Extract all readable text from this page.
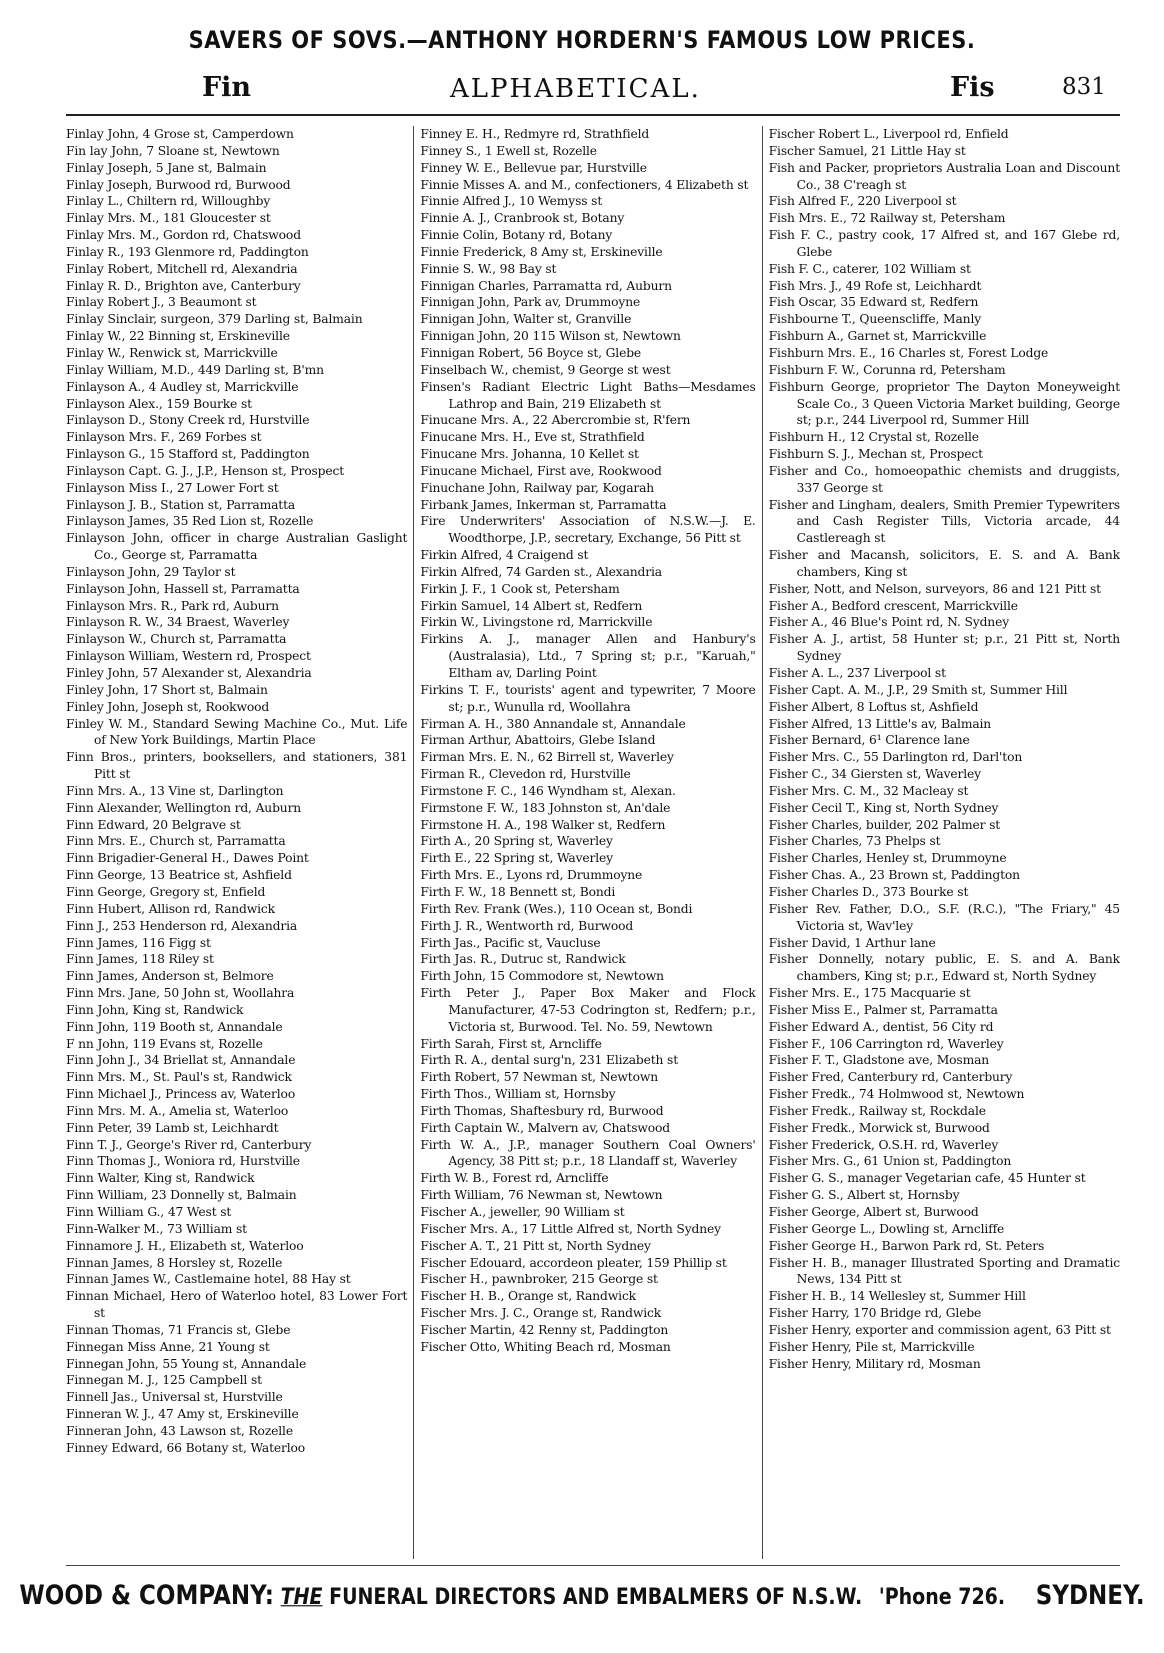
SAVERS OF SOVS.—ANTHONY HORDERN'S FAMOUS LOW PRICES.
Fin	ALPHABETICAL.	Fis	831
Finlay John, 4 Grose st, Camperdown
Fin lay John, 7 Sloane st, Newtown
Finlay Joseph, 5 Jane st, Balmain
Finlay Joseph, Burwood rd, Burwood
Finlay L., Chiltern rd, Willoughby
Finlay Mrs. M., 181 Gloucester st
Finlay Mrs. M., Gordon rd, Chatswood
Finlay R., 193 Glenmore rd, Paddington
Finlay Robert, Mitchell rd, Alexandria
Finlay R. D., Brighton ave, Canterbury
Finlay Robert J., 3 Beaumont st
Finlay Sinclair, surgeon, 379 Darling st, Balmain
Finlay W., 22 Binning st, Erskineville
Finlay W., Renwick st, Marrickville
Finlay William, M.D., 449 Darling st, B'mn
Finlayson A., 4 Audley st, Marrickville
Finlayson Alex., 159 Bourke st
Finlayson D., Stony Creek rd, Hurstville
Finlayson Mrs. F., 269 Forbes st
Finlayson G., 15 Stafford st, Paddington
Finlayson Capt. G. J., J.P., Henson st, Prospect
Finlayson Miss I., 27 Lower Fort st
Finlayson J. B., Station st, Parramatta
Finlayson James, 35 Red Lion st, Rozelle
Finlayson John, officer in charge Australian Gaslight Co., George st, Parramatta
Finlayson John, 29 Taylor st
Finlayson John, Hassell st, Parramatta
Finlayson Mrs. R., Park rd, Auburn
Finlayson R. W., 34 Braest, Waverley
Finlayson W., Church st, Parramatta
Finlayson William, Western rd, Prospect
Finley John, 57 Alexander st, Alexandria
Finley John, 17 Short st, Balmain
Finley John, Joseph st, Rookwood
Finley W. M., Standard Sewing Machine Co., Mut. Life of New York Buildings, Martin Place
Finn Bros., printers, booksellers, and stationers, 381 Pitt st
Finn Mrs. A., 13 Vine st, Darlington
Finn Alexander, Wellington rd, Auburn
Finn Edward, 20 Belgrave st
Finn Mrs. E., Church st, Parramatta
Finn Brigadier-General H., Dawes Point
Finn George, 13 Beatrice st, Ashfield
Finn George, Gregory st, Enfield
Finn Hubert, Allison rd, Randwick
Finn J., 253 Henderson rd, Alexandria
Finn James, 116 Figg st
Finn James, 118 Riley st
Finn James, Anderson st, Belmore
Finn Mrs. Jane, 50 John st, Woollahra
Finn John, King st, Randwick
Finn John, 119 Booth st, Annandale
F nn John, 119 Evans st, Rozelle
Finn John J., 34 Briellat st, Annandale
Finn Mrs. M., St. Paul's st, Randwick
Finn Michael J., Princess av, Waterloo
Finn Mrs. M. A., Amelia st, Waterloo
Finn Peter, 39 Lamb st, Leichhardt
Finn T. J., George's River rd, Canterbury
Finn Thomas J., Woniora rd, Hurstville
Finn Walter, King st, Randwick
Finn William, 23 Donnelly st, Balmain
Finn William G., 47 West st
Finn-Walker M., 73 William st
Finnamore J. H., Elizabeth st, Waterloo
Finnan James, 8 Horsley st, Rozelle
Finnan James W., Castlemaine hotel, 88 Hay st
Finnan Michael, Hero of Waterloo hotel, 83 Lower Fort st
Finnan Thomas, 71 Francis st, Glebe
Finnegan Miss Anne, 21 Young st
Finnegan John, 55 Young st, Annandale
Finnegan M. J., 125 Campbell st
Finnell Jas., Universal st, Hurstville
Finneran W. J., 47 Amy st, Erskineville
Finneran John, 43 Lawson st, Rozelle
Finney Edward, 66 Botany st, Waterloo
Finney E. H., Redmyre rd, Strathfield
Finney S., 1 Ewell st, Rozelle
Finney W. E., Bellevue par, Hurstville
Finnie Misses A. and M., confectioners, 4 Elizabeth st
Finnie Alfred J., 10 Wemyss st
Finnie A. J., Cranbrook st, Botany
Finnie Colin, Botany rd, Botany
Finnie Frederick, 8 Amy st, Erskineville
Finnie S. W., 98 Bay st
Finnigan Charles, Parramatta rd, Auburn
Finnigan John, Park av, Drummoyne
Finnigan John, Walter st, Granville
Finnigan John, 20 115 Wilson st, Newtown
Finnigan Robert, 56 Boyce st, Glebe
Finselbach W., chemist, 9 George st west
Finsen's Radiant Electric Light Baths—Mesdames Lathrop and Bain, 219 Elizabeth st
Finucane Mrs. A., 22 Abercrombie st, R'fern
Finucane Mrs. H., Eve st, Strathfield
Finucane Mrs. Johanna, 10 Kellet st
Finucane Michael, First ave, Rookwood
Finuchane John, Railway par, Kogarah
Firbank James, Inkerman st, Parramatta
Fire Underwriters' Association of N.S.W.—J. E. Woodthorpe, J.P., secretary, Exchange, 56 Pitt st
Firkin Alfred, 4 Craigend st
Firkin Alfred, 74 Garden st., Alexandria
Firkin J. F., 1 Cook st, Petersham
Firkin Samuel, 14 Albert st, Redfern
Firkin W., Livingstone rd, Marrickville
Firkins A. J., manager Allen and Hanbury's (Australasia), Ltd., 7 Spring st; p.r., "Karuah," Eltham av, Darling Point
Firkins T. F., tourists' agent and typewriter, 7 Moore st; p.r., Wunulla rd, Woollahra
Firman A. H., 380 Annandale st, Annandale
Firman Arthur, Abattoirs, Glebe Island
Firman Mrs. E. N., 62 Birrell st, Waverley
Firman R., Clevedon rd, Hurstville
Firmstone F. C., 146 Wyndham st, Alexan.
Firmstone F. W., 183 Johnston st, An'dale
Firmstone H. A., 198 Walker st, Redfern
Firth A., 20 Spring st, Waverley
Firth E., 22 Spring st, Waverley
Firth Mrs. E., Lyons rd, Drummoyne
Firth F. W., 18 Bennett st, Bondi
Firth Rev. Frank (Wes.), 110 Ocean st, Bondi
Firth J. R., Wentworth rd, Burwood
Firth Jas., Pacific st, Vaucluse
Firth Jas. R., Dutruc st, Randwick
Firth John, 15 Commodore st, Newtown
Firth Peter J., Paper Box Maker and Flock Manufacturer, 47-53 Codrington st, Redfern; p.r., Victoria st, Burwood. Tel. No. 59, Newtown
Firth Sarah, First st, Arncliffe
Firth R. A., dental surg'n, 231 Elizabeth st
Firth Robert, 57 Newman st, Newtown
Firth Thos., William st, Hornsby
Firth Thomas, Shaftesbury rd, Burwood
Firth Captain W., Malvern av, Chatswood
Firth W. A., J.P., manager Southern Coal Owners' Agency, 38 Pitt st; p.r., 18 Llandaff st, Waverley
Firth W. B., Forest rd, Arncliffe
Firth William, 76 Newman st, Newtown
Fischer A., jeweller, 90 William st
Fischer Mrs. A., 17 Little Alfred st, North Sydney
Fischer A. T., 21 Pitt st, North Sydney
Fischer Edouard, accordeon pleater, 159 Phillip st
Fischer H., pawnbroker, 215 George st
Fischer H. B., Orange st, Randwick
Fischer Mrs. J. C., Orange st, Randwick
Fischer Martin, 42 Renny st, Paddington
Fischer Otto, Whiting Beach rd, Mosman
Fischer Robert L., Liverpool rd, Enfield
Fischer Samuel, 21 Little Hay st
Fish and Packer, proprietors Australia Loan and Discount Co., 38 C'reagh st
Fish Alfred F., 220 Liverpool st
Fish Mrs. E., 72 Railway st, Petersham
Fish F. C., pastry cook, 17 Alfred st, and 167 Glebe rd, Glebe
Fish F. C., caterer, 102 William st
Fish Mrs. J., 49 Rofe st, Leichhardt
Fish Oscar, 35 Edward st, Redfern
Fishbourne T., Queenscliffe, Manly
Fishburn A., Garnet st, Marrickville
Fishburn Mrs. E., 16 Charles st, Forest Lodge
Fishburn F. W., Corunna rd, Petersham
Fishburn George, proprietor The Dayton Moneyweight Scale Co., 3 Queen Victoria Market building, George st; p.r., 244 Liverpool rd, Summer Hill
Fishburn H., 12 Crystal st, Rozelle
Fishburn S. J., Mechan st, Prospect
Fisher and Co., homoeopathic chemists and druggists, 337 George st
Fisher and Lingham, dealers, Smith Premier Typewriters and Cash Register Tills, Victoria arcade, 44 Castlereagh st
Fisher and Macansh, solicitors, E. S. and A. Bank chambers, King st
Fisher, Nott, and Nelson, surveyors, 86 and 121 Pitt st
Fisher A., Bedford crescent, Marrickville
Fisher A., 46 Blue's Point rd, N. Sydney
Fisher A. J., artist, 58 Hunter st; p.r., 21 Pitt st, North Sydney
Fisher A. L., 237 Liverpool st
Fisher Capt. A. M., J.P., 29 Smith st, Summer Hill
Fisher Albert, 8 Loftus st, Ashfield
Fisher Alfred, 13 Little's av, Balmain
Fisher Bernard, 6¹ Clarence lane
Fisher Mrs. C., 55 Darlington rd, Darl'ton
Fisher C., 34 Giersten st, Waverley
Fisher Mrs. C. M., 32 Macleay st
Fisher Cecil T., King st, North Sydney
Fisher Charles, builder, 202 Palmer st
Fisher Charles, 73 Phelps st
Fisher Charles, Henley st, Drummoyne
Fisher Chas. A., 23 Brown st, Paddington
Fisher Charles D., 373 Bourke st
Fisher Rev. Father, D.O., S.F. (R.C.), "The Friary," 45 Victoria st, Wav'ley
Fisher David, 1 Arthur lane
Fisher Donnelly, notary public, E. S. and A. Bank chambers, King st; p.r., Edward st, North Sydney
Fisher Mrs. E., 175 Macquarie st
Fisher Miss E., Palmer st, Parramatta
Fisher Edward A., dentist, 56 City rd
Fisher F., 106 Carrington rd, Waverley
Fisher F. T., Gladstone ave, Mosman
Fisher Fred, Canterbury rd, Canterbury
Fisher Fredk., 74 Holmwood st, Newtown
Fisher Fredk., Railway st, Rockdale
Fisher Fredk., Morwick st, Burwood
Fisher Frederick, O.S.H. rd, Waverley
Fisher Mrs. G., 61 Union st, Paddington
Fisher G. S., manager Vegetarian cafe, 45 Hunter st
Fisher G. S., Albert st, Hornsby
Fisher George, Albert st, Burwood
Fisher George L., Dowling st, Arncliffe
Fisher George H., Barwon Park rd, St. Peters
Fisher H. B., manager Illustrated Sporting and Dramatic News, 134 Pitt st
Fisher H. B., 14 Wellesley st, Summer Hill
Fisher Harry, 170 Bridge rd, Glebe
Fisher Henry, exporter and commission agent, 63 Pitt st
Fisher Henry, Pile st, Marrickville
Fisher Henry, Military rd, Mosman
WOOD & COMPANY: THE FUNERAL DIRECTORS AND EMBALMERS OF N.S.W. 'Phone 726. SYDNEY.
